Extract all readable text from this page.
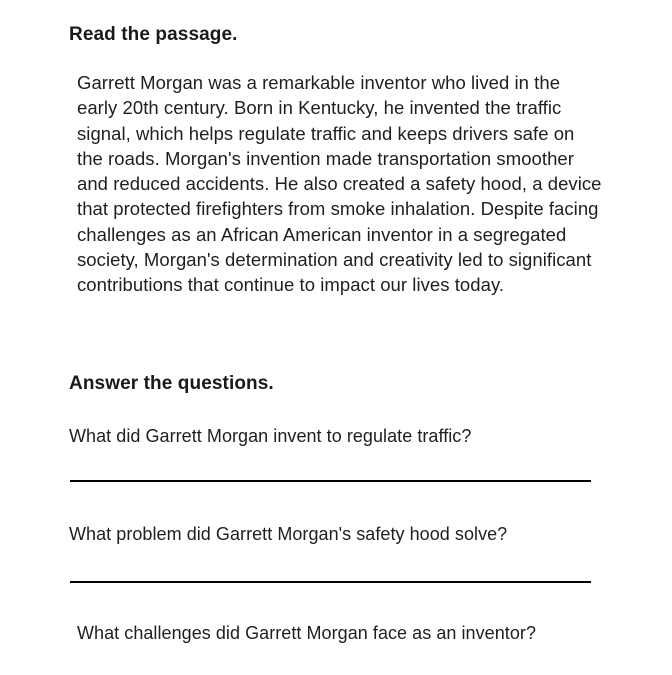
Read the passage.

Garrett Morgan was a remarkable inventor who lived in the early 20th century. Born in Kentucky, he invented the traffic signal, which helps regulate traffic and keeps drivers safe on the roads. Morgan's invention made transportation smoother and reduced accidents. He also created a safety hood, a device that protected firefighters from smoke inhalation. Despite facing challenges as an African American inventor in a segregated society, Morgan's determination and creativity led to significant contributions that continue to impact our lives today.

Answer the questions.

What did Garrett Morgan invent to regulate traffic?

What problem did Garrett Morgan's safety hood solve?

What challenges did Garrett Morgan face as an inventor?
